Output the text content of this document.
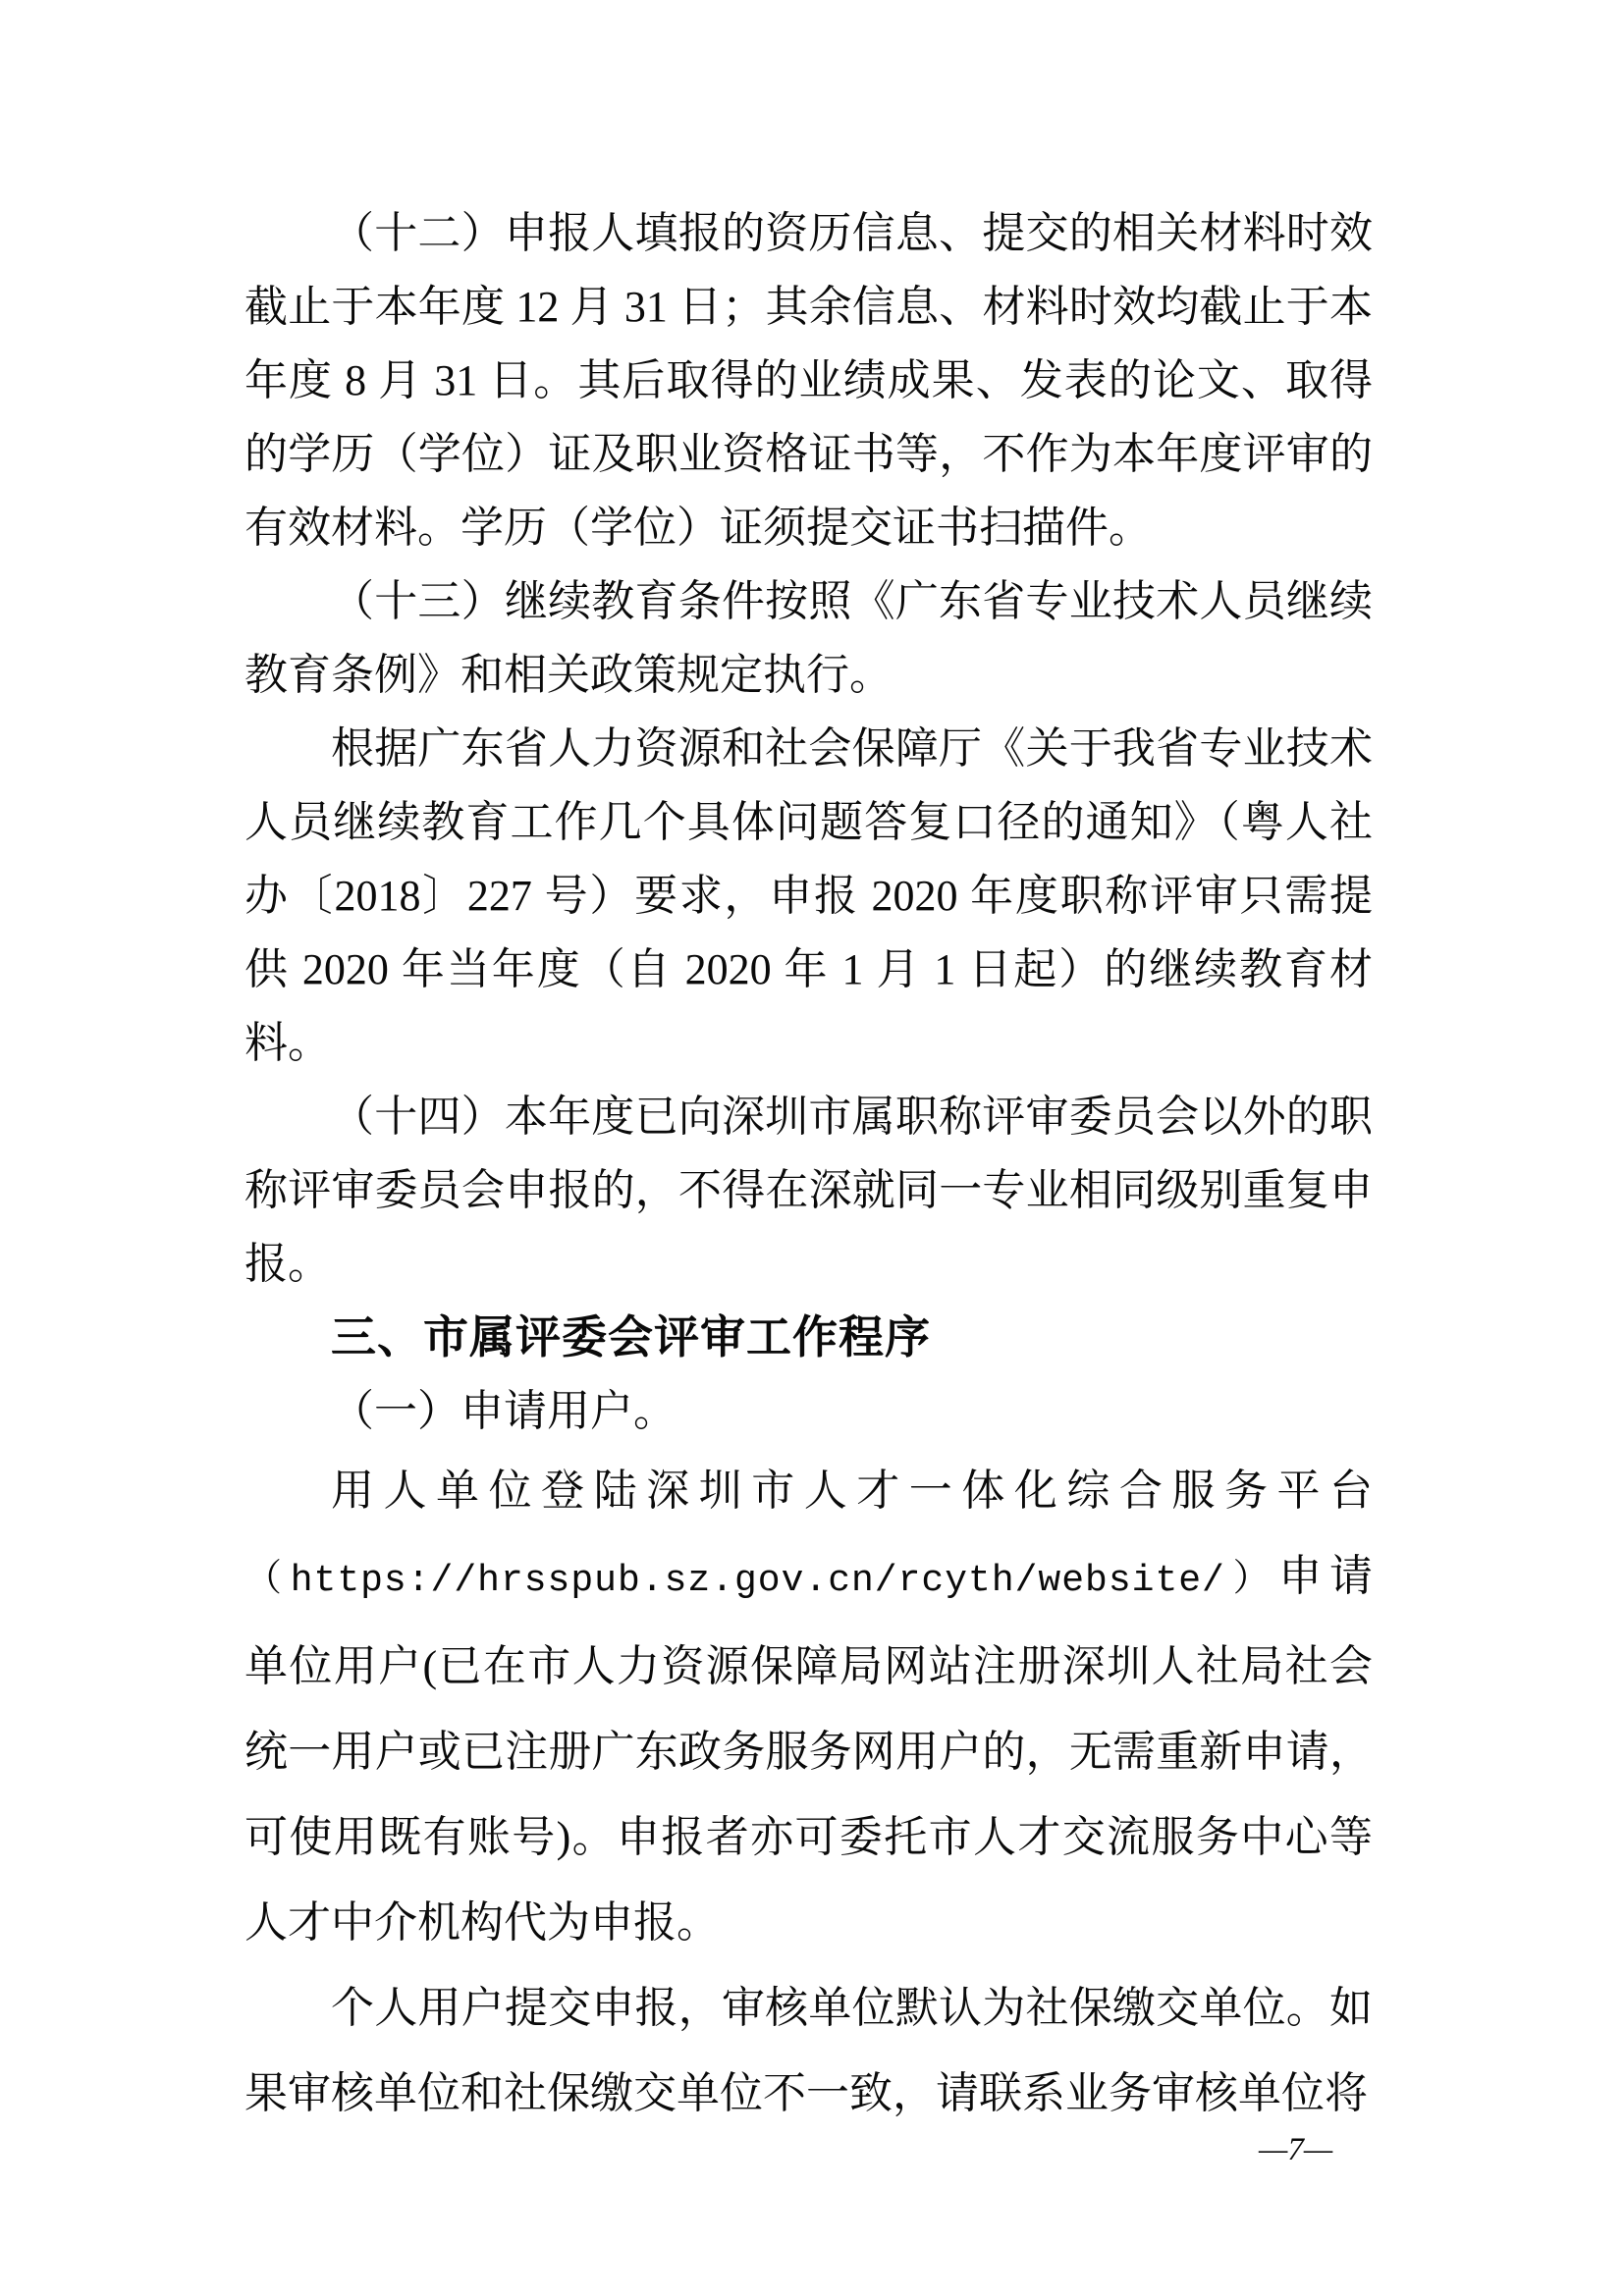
（十二）申报人填报的资历信息、提交的相关材料时效截止于本年度 12 月 31 日；其余信息、材料时效均截止于本年度 8 月 31 日。其后取得的业绩成果、发表的论文、取得的学历（学位）证及职业资格证书等，不作为本年度评审的有效材料。学历（学位）证须提交证书扫描件。

（十三）继续教育条件按照《广东省专业技术人员继续教育条例》和相关政策规定执行。

根据广东省人力资源和社会保障厅《关于我省专业技术人员继续教育工作几个具体问题答复口径的通知》（粤人社办〔2018〕227 号）要求，申报 2020 年度职称评审只需提供 2020 年当年度（自 2020 年 1 月 1 日起）的继续教育材料。

（十四）本年度已向深圳市属职称评审委员会以外的职称评审委员会申报的，不得在深就同一专业相同级别重复申报。

三、市属评委会评审工作程序

（一）申请用户。

用人单位登陆深圳市人才一体化综合服务平台（https://hrsspub.sz.gov.cn/rcyth/website/）申请单位用户(已在市人力资源保障局网站注册深圳人社局社会统一用户或已注册广东政务服务网用户的，无需重新申请，可使用既有账号)。申报者亦可委托市人才交流服务中心等人才中介机构代为申报。

个人用户提交申报，审核单位默认为社保缴交单位。如果审核单位和社保缴交单位不一致，请联系业务审核单位将

—7—
